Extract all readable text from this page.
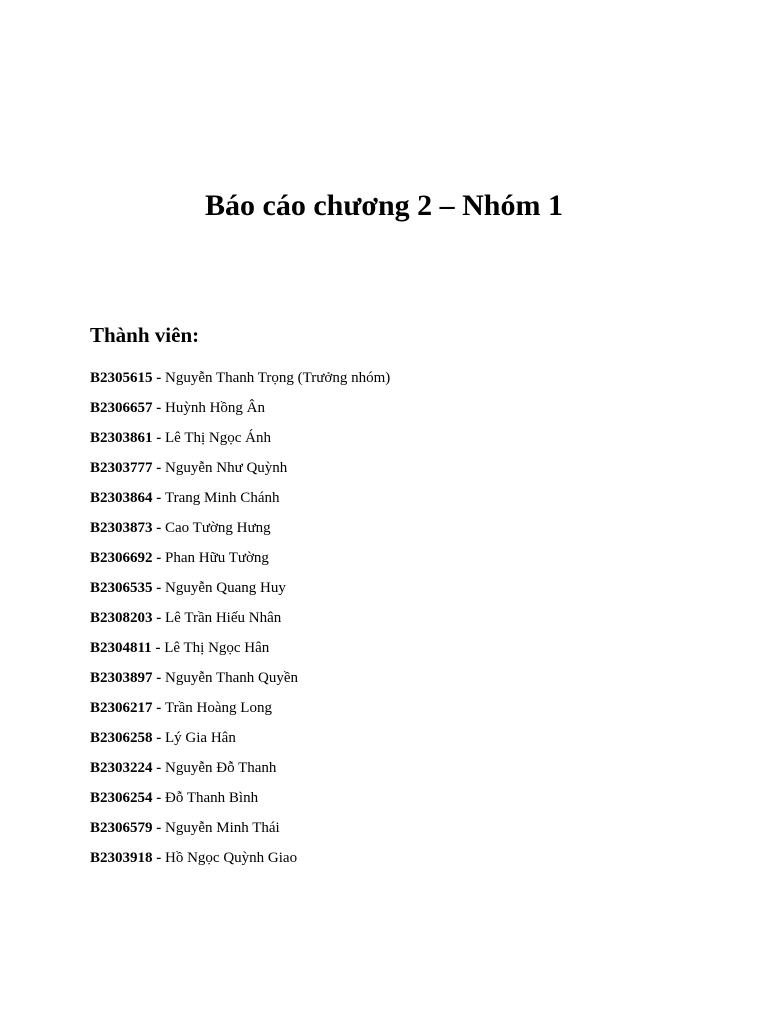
Báo cáo chương 2 – Nhóm 1
Thành viên:
B2305615 - Nguyễn Thanh Trọng (Trưởng nhóm)
B2306657 - Huỳnh Hồng Ân
B2303861 - Lê Thị Ngọc Ánh
B2303777 - Nguyễn Như Quỳnh
B2303864 - Trang Minh Chánh
B2303873 - Cao Tường Hưng
B2306692 - Phan Hữu Tường
B2306535 - Nguyễn Quang Huy
B2308203 - Lê Trần Hiếu Nhân
B2304811 - Lê Thị Ngọc Hân
B2303897 - Nguyễn Thanh Quyền
B2306217 - Trần Hoàng Long
B2306258 - Lý Gia Hân
B2303224 - Nguyễn Đỗ Thanh
B2306254 - Đỗ Thanh Bình
B2306579 - Nguyễn Minh Thái
B2303918 - Hồ Ngọc Quỳnh Giao
